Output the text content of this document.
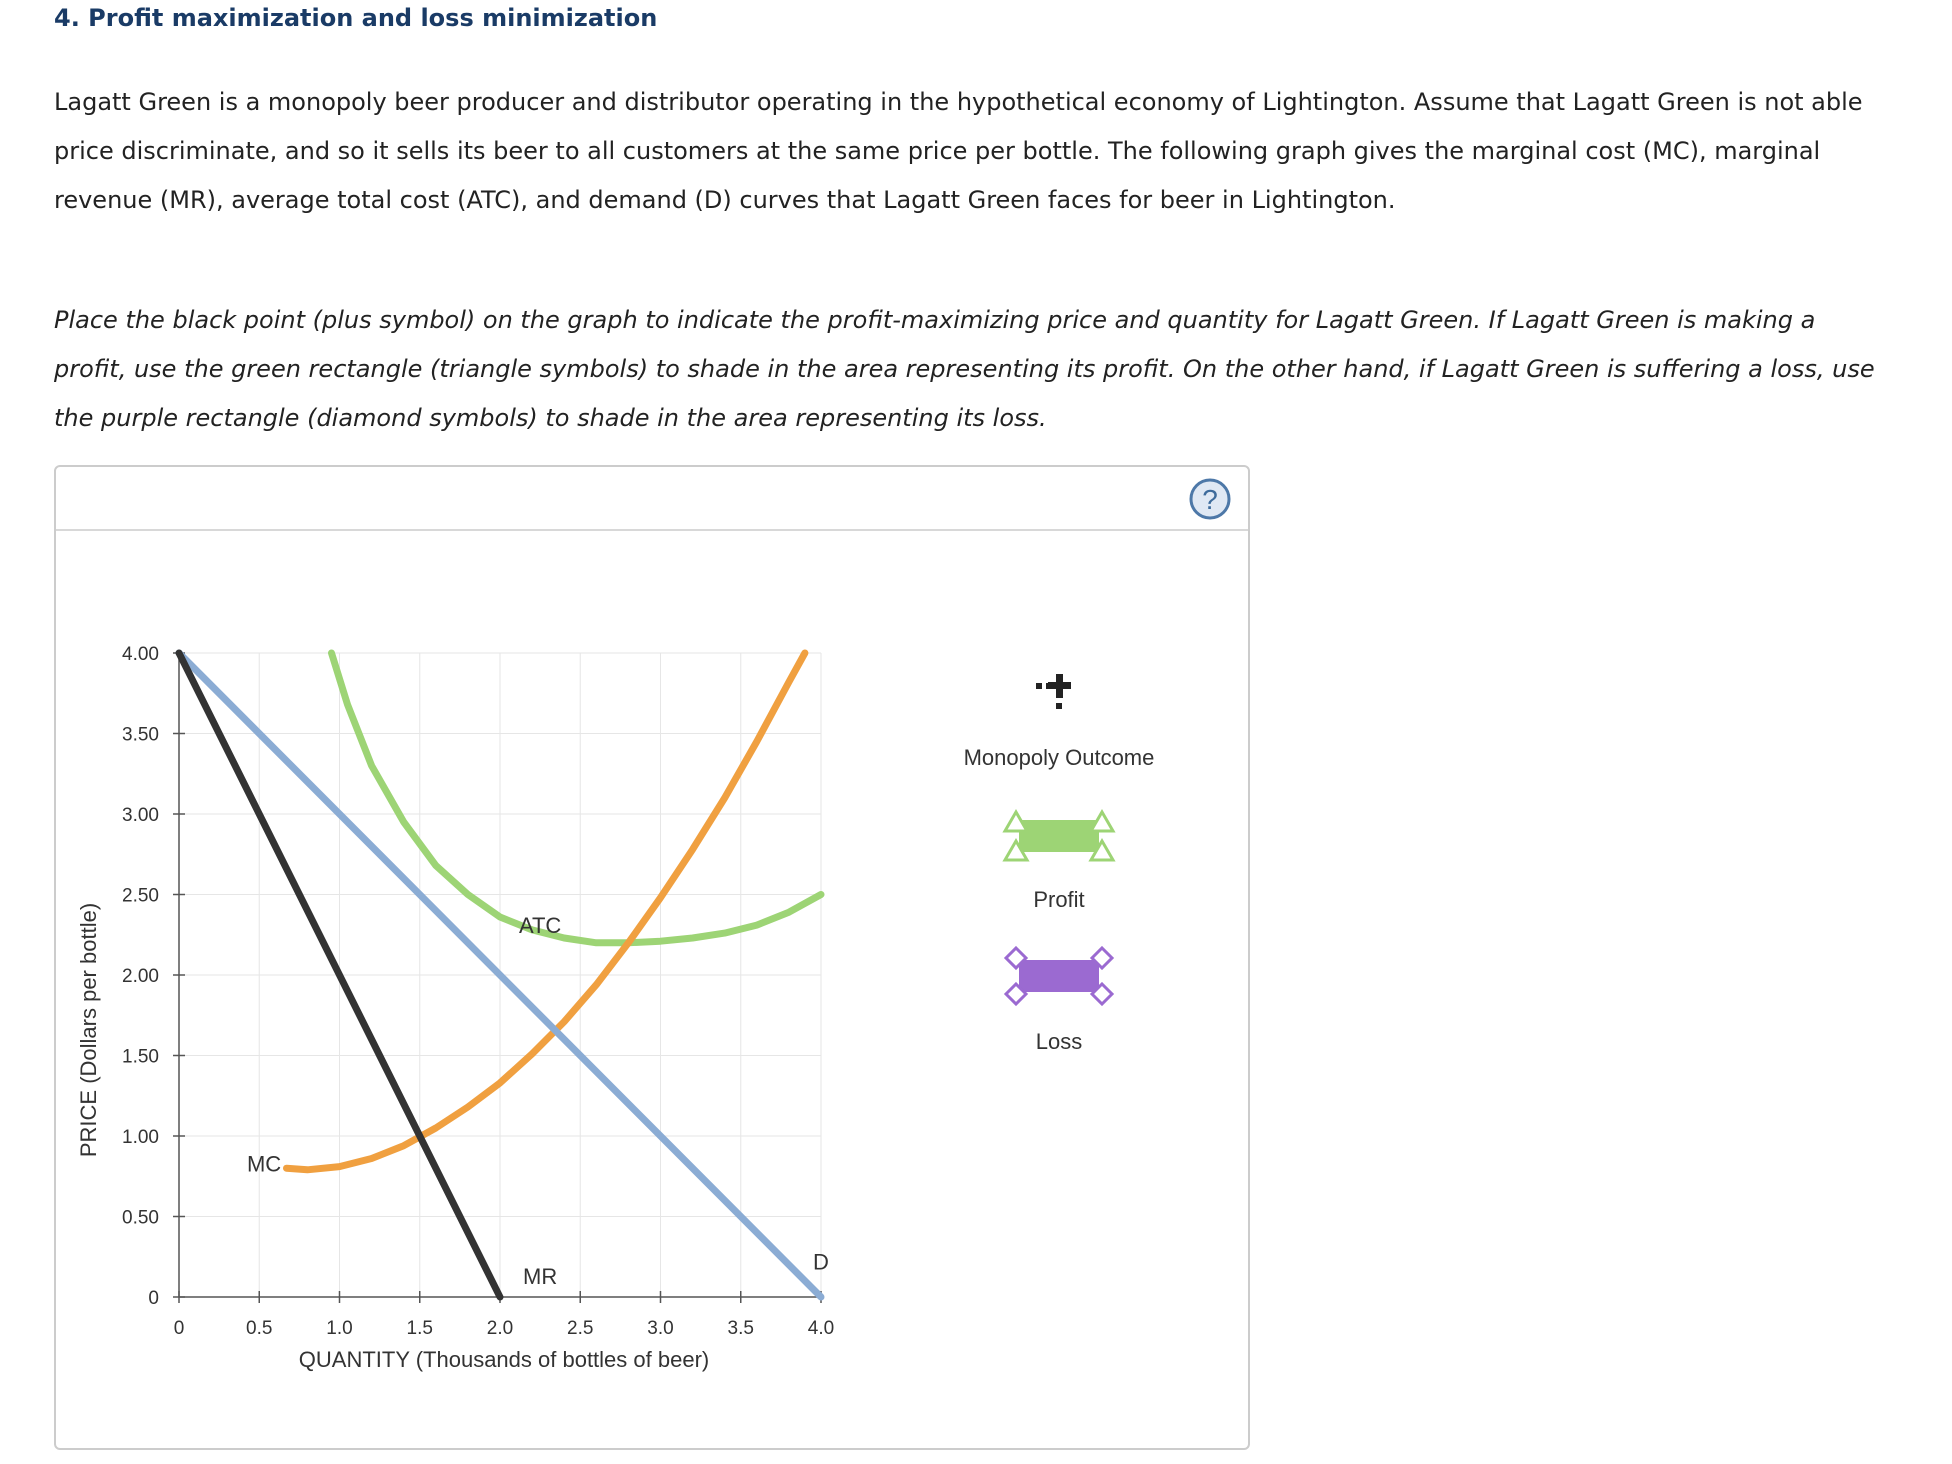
4. Profit maximization and loss minimization

Lagatt Green is a monopoly beer producer and distributor operating in the hypothetical economy of Lightington. Assume that Lagatt Green is not able price discriminate, and so it sells its beer to all customers at the same price per bottle. The following graph gives the marginal cost (MC), marginal revenue (MR), average total cost (ATC), and demand (D) curves that Lagatt Green faces for beer in Lightington.

Place the black point (plus symbol) on the graph to indicate the profit-maximizing price and quantity for Lagatt Green. If Lagatt Green is making a profit, use the green rectangle (triangle symbols) to shade in the area representing its profit. On the other hand, if Lagatt Green is suffering a loss, use the purple rectangle (diamond symbols) to shade in the area representing its loss.

?
0	0.5	1.0	1.5	2.0	2.5	3.0	3.5	4.0
0
0.50
1.00
1.50
2.00
2.50
3.00
3.50
4.00
QUANTITY (Thousands of bottles of beer)
PRICE (Dollars per bottle)
MC
ATC
MR
D
Monopoly Outcome
Profit
Loss
